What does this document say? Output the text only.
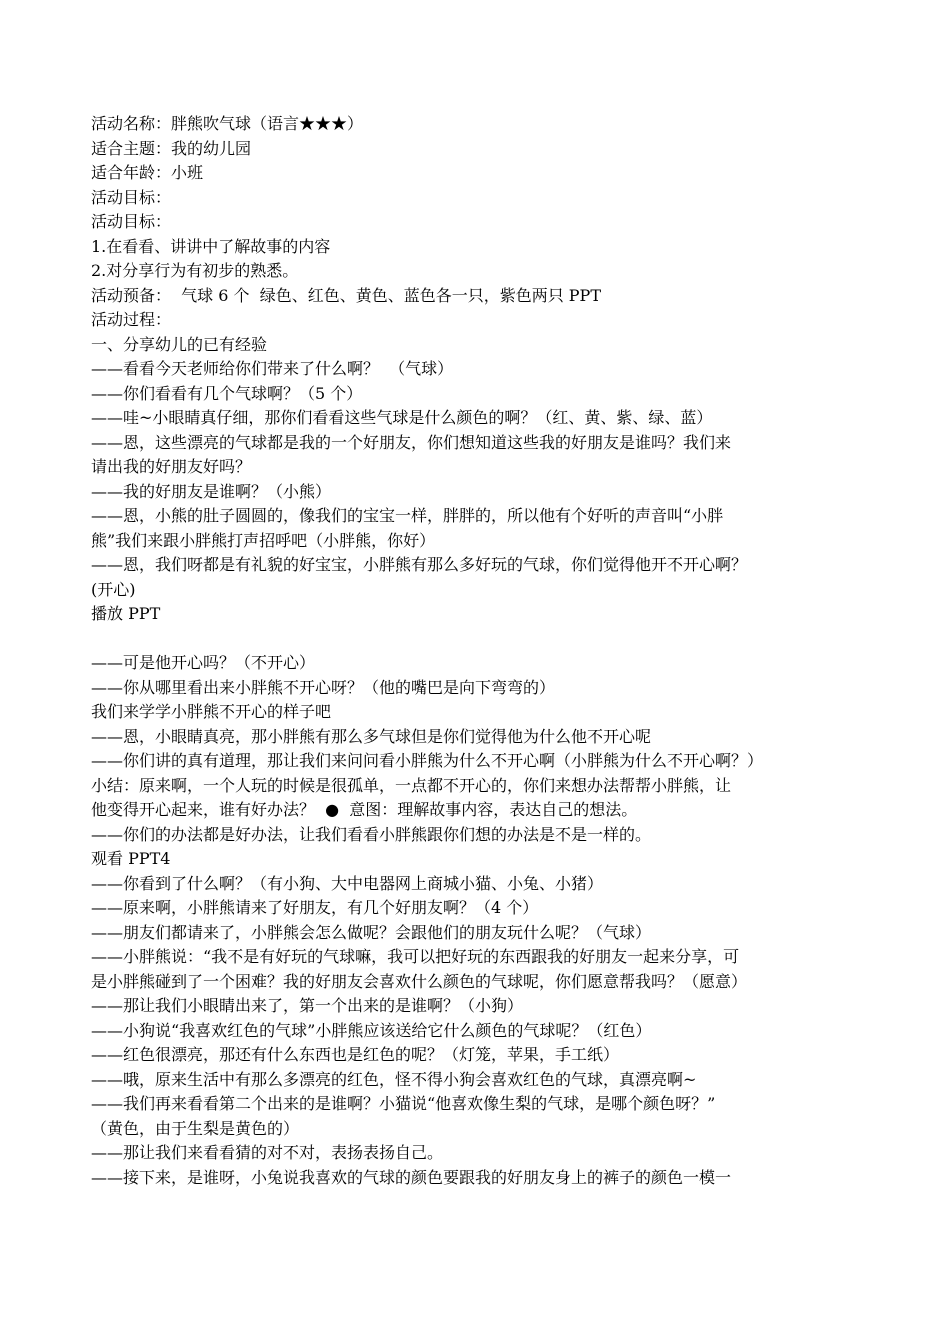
活动名称：胖熊吹气球（语言★★★）
适合主题：我的幼儿园
适合年龄：小班
活动目标：
活动目标：
1.在看看、讲讲中了解故事的内容
2.对分享行为有初步的熟悉。
活动预备：  气球 6 个  绿色、红色、黄色、蓝色各一只，紫色两只 PPT
活动过程：
一、分享幼儿的已有经验
——看看今天老师给你们带来了什么啊？  （气球）
——你们看看有几个气球啊？（5 个）
——哇~小眼睛真仔细，那你们看看这些气球是什么颜色的啊？（红、黄、紫、绿、蓝）
——恩，这些漂亮的气球都是我的一个好朋友，你们想知道这些我的好朋友是谁吗？我们来
请出我的好朋友好吗？
——我的好朋友是谁啊？（小熊）
——恩，小熊的肚子圆圆的，像我们的宝宝一样，胖胖的，所以他有个好听的声音叫“小胖
熊”我们来跟小胖熊打声招呼吧（小胖熊，你好）
——恩，我们呀都是有礼貌的好宝宝，小胖熊有那么多好玩的气球，你们觉得他开不开心啊？
(开心)
播放 PPT
——可是他开心吗？（不开心）
——你从哪里看出来小胖熊不开心呀？（他的嘴巴是向下弯弯的）
我们来学学小胖熊不开心的样子吧
——恩，小眼睛真亮，那小胖熊有那么多气球但是你们觉得他为什么他不开心呢
——你们讲的真有道理，那让我们来问问看小胖熊为什么不开心啊（小胖熊为什么不开心啊？）
小结：原来啊，一个人玩的时候是很孤单，一点都不开心的，你们来想办法帮帮小胖熊，让
他变得开心起来，谁有好办法？  ●  意图：理解故事内容，表达自己的想法。
——你们的办法都是好办法，让我们看看小胖熊跟你们想的办法是不是一样的。
观看 PPT4
——你看到了什么啊？（有小狗、大中电器网上商城小猫、小兔、小猪）
——原来啊，小胖熊请来了好朋友，有几个好朋友啊？（4 个）
——朋友们都请来了，小胖熊会怎么做呢？会跟他们的朋友玩什么呢？（气球）
——小胖熊说：“我不是有好玩的气球嘛，我可以把好玩的东西跟我的好朋友一起来分享，可
是小胖熊碰到了一个困难？我的好朋友会喜欢什么颜色的气球呢，你们愿意帮我吗？（愿意）
——那让我们小眼睛出来了，第一个出来的是谁啊？（小狗）
——小狗说“我喜欢红色的气球”小胖熊应该送给它什么颜色的气球呢？（红色）
——红色很漂亮，那还有什么东西也是红色的呢？（灯笼，苹果，手工纸）
——哦，原来生活中有那么多漂亮的红色，怪不得小狗会喜欢红色的气球，真漂亮啊~
——我们再来看看第二个出来的是谁啊？小猫说“他喜欢像生梨的气球，是哪个颜色呀？”
（黄色，由于生梨是黄色的）
——那让我们来看看猜的对不对，表扬表扬自己。
——接下来，是谁呀，小兔说我喜欢的气球的颜色要跟我的好朋友身上的裤子的颜色一模一
